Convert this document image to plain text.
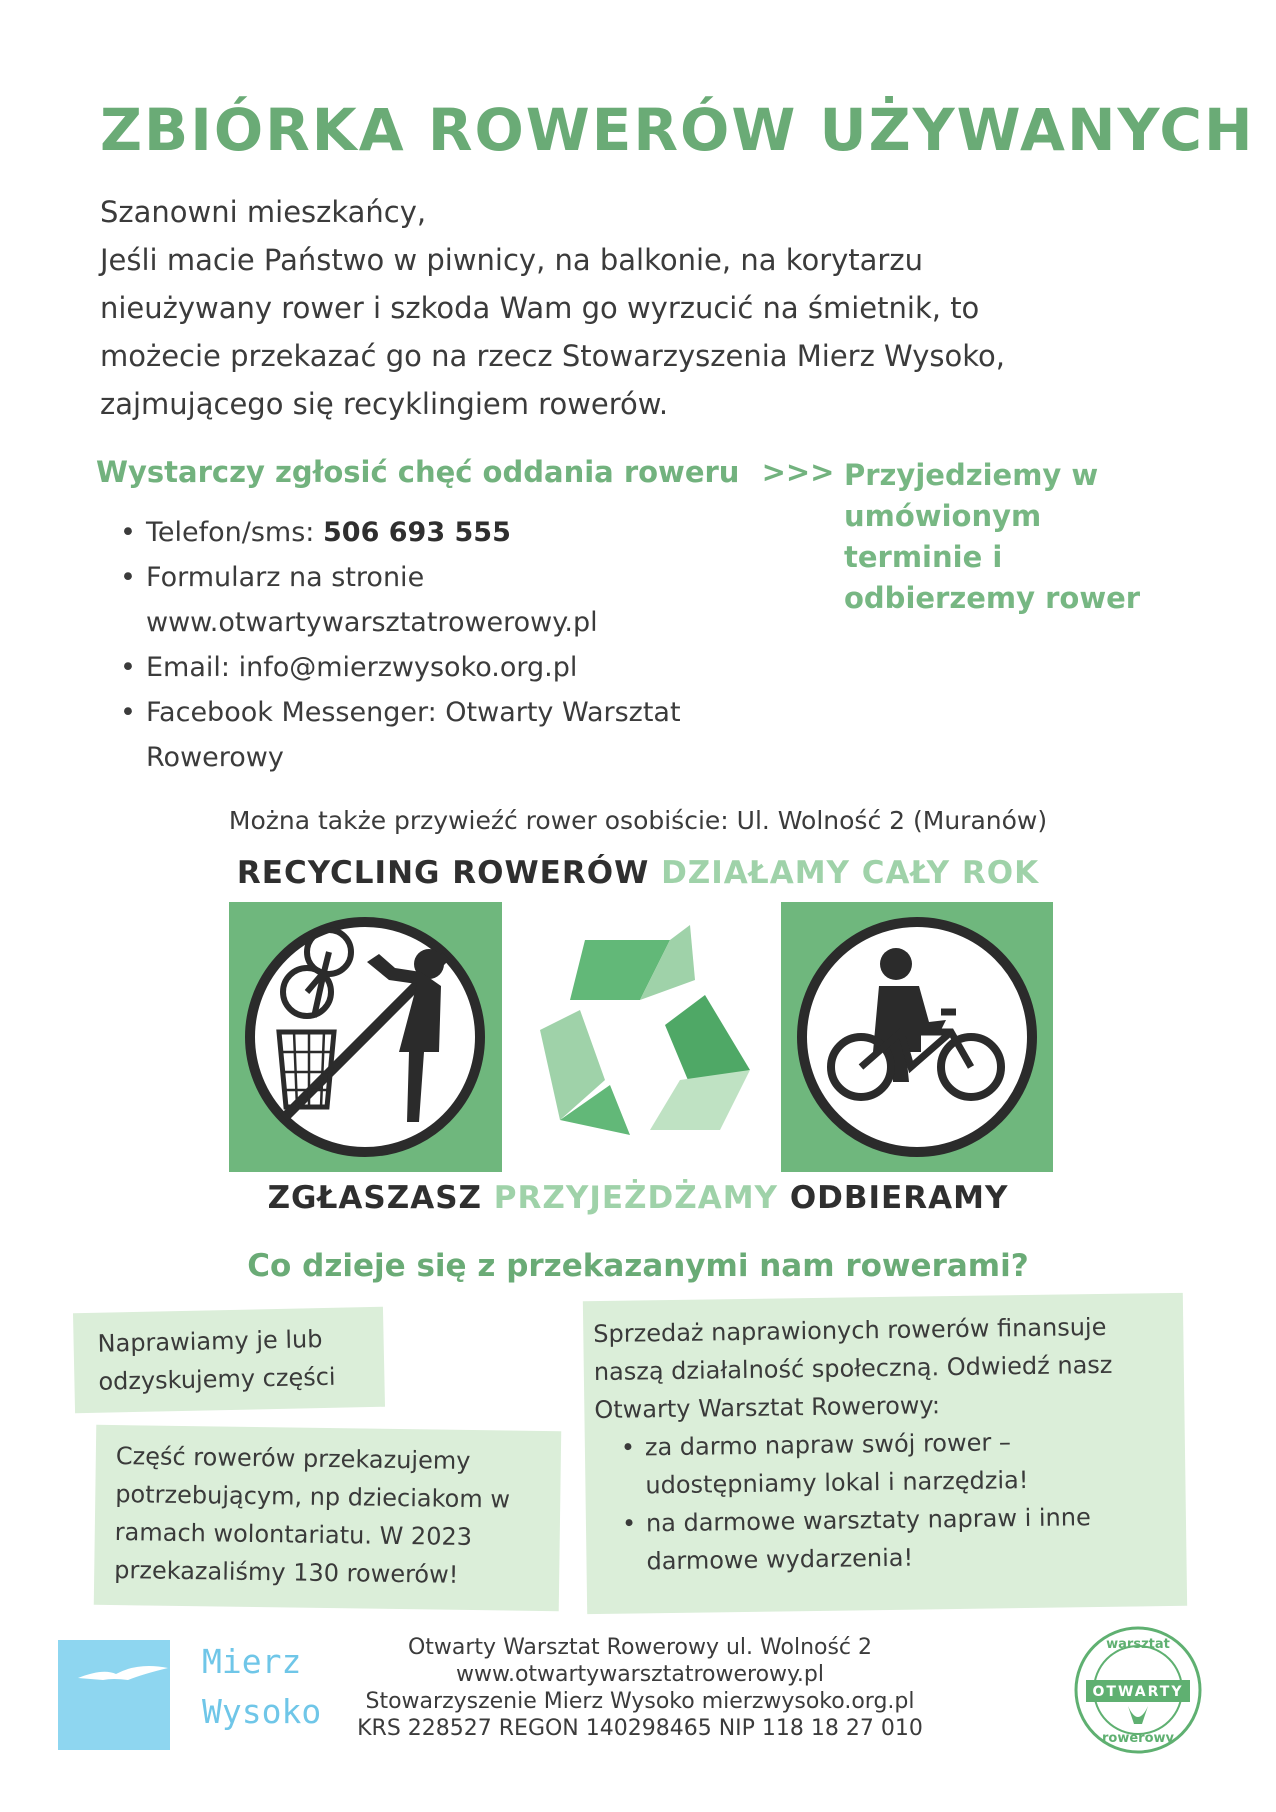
ZBIÓRKA ROWERÓW UŻYWANYCH
Szanowni mieszkańcy,
Jeśli macie Państwo w piwnicy, na balkonie, na korytarzu
nieużywany rower i szkoda Wam go wyrzucić na śmietnik, to
możecie przekazać go na rzecz Stowarzyszenia Mierz Wysoko,
zajmującego się recyklingiem rowerów.
Wystarczy zgłosić chęć oddania roweru >>> Przyjedziemy w umówionym terminie i odbierzemy rower
• Telefon/sms: 506 693 555
• Formularz na stronie
www.otwartywarsztatrowerowy.pl
• Email: info@mierzwysoko.org.pl
• Facebook Messenger: Otwarty Warsztat Rowerowy
Można także przywieźć rower osobiście: Ul. Wolność 2 (Muranów)
RECYCLING ROWERÓW DZIAŁAMY CAŁY ROK
ZGŁASZASZ PRZYJEŻDŻAMY ODBIERAMY
Co dzieje się z przekazanymi nam rowerami?
Naprawiamy je lub
odzyskujemy części
Część rowerów przekazujemy
potrzebującym, np dzieciakom w
ramach wolontariatu. W 2023
przekazaliśmy 130 rowerów!
Sprzedaż naprawionych rowerów finansuje
naszą działalność społeczną. Odwiedź nasz
Otwarty Warsztat Rowerowy:
• za darmo napraw swój rower –
udostępniamy lokal i narzędzia!
• na darmowe warsztaty napraw i inne
darmowe wydarzenia!
Mierz
Wysoko
Otwarty Warsztat Rowerowy ul. Wolność 2
www.otwartywarsztatrowerowy.pl
Stowarzyszenie Mierz Wysoko mierzwysoko.org.pl
KRS 228527 REGON 140298465 NIP 118 18 27 010
warsztat
OTWARTY
rowerowy
